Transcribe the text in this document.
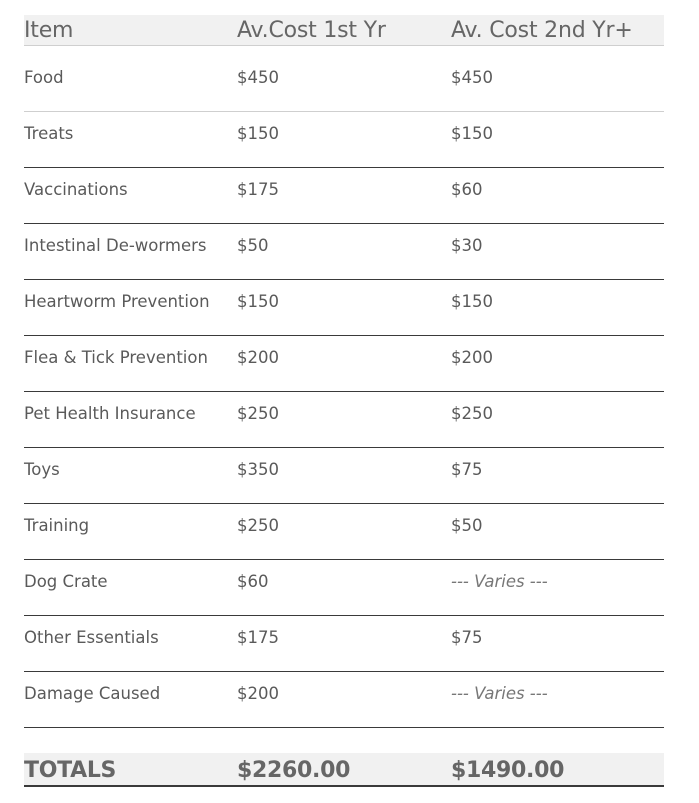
Item	Av.Cost 1st Yr	Av. Cost 2nd Yr+

Food	$450	$450
Treats	$150	$150
Vaccinations	$175	$60
Intestinal De-wormers	$50	$30
Heartworm Prevention	$150	$150
Flea & Tick Prevention	$200	$200
Pet Health Insurance	$250	$250
Toys	$350	$75
Training	$250	$50
Dog Crate	$60	--- Varies ---
Other Essentials	$175	$75
Damage Caused	$200	--- Varies ---

TOTALS	$2260.00	$1490.00
